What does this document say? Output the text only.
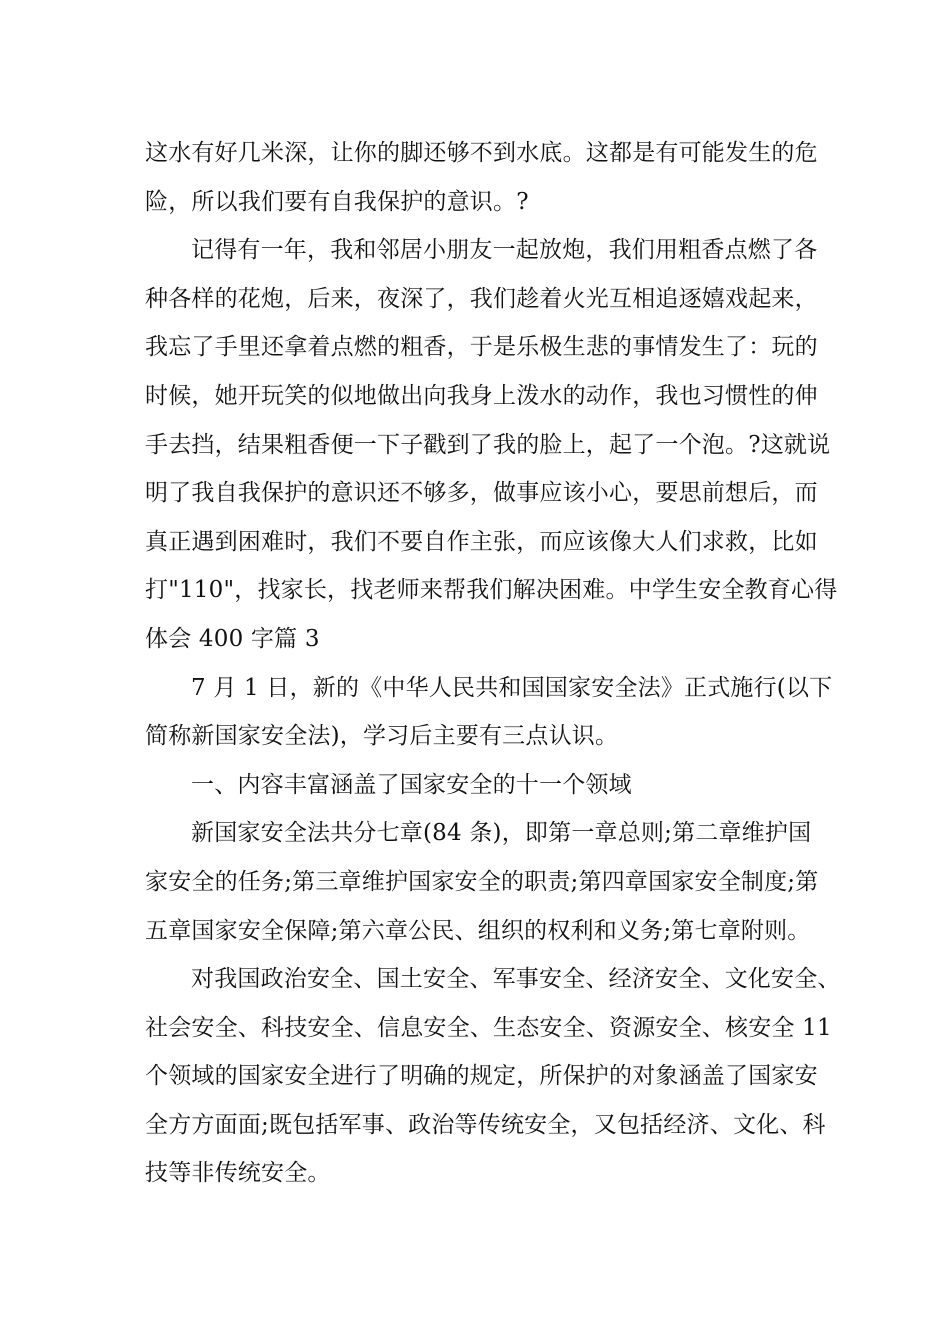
这水有好几米深，让你的脚还够不到水底。这都是有可能发生的危
险，所以我们要有自我保护的意识。?
记得有一年，我和邻居小朋友一起放炮，我们用粗香点燃了各
种各样的花炮，后来，夜深了，我们趁着火光互相追逐嬉戏起来，
我忘了手里还拿着点燃的粗香，于是乐极生悲的事情发生了：玩的
时候，她开玩笑的似地做出向我身上泼水的动作，我也习惯性的伸
手去挡，结果粗香便一下子戳到了我的脸上，起了一个泡。?这就说
明了我自我保护的意识还不够多，做事应该小心，要思前想后，而
真正遇到困难时，我们不要自作主张，而应该像大人们求救，比如
打"110"，找家长，找老师来帮我们解决困难。中学生安全教育心得
体会 400 字篇 3
7 月 1 日，新的《中华人民共和国国家安全法》正式施行(以下
简称新国家安全法)，学习后主要有三点认识。
一、内容丰富涵盖了国家安全的十一个领域
新国家安全法共分七章(84 条)，即第一章总则;第二章维护国
家安全的任务;第三章维护国家安全的职责;第四章国家安全制度;第
五章国家安全保障;第六章公民、组织的权利和义务;第七章附则。
对我国政治安全、国土安全、军事安全、经济安全、文化安全、
社会安全、科技安全、信息安全、生态安全、资源安全、核安全 11
个领域的国家安全进行了明确的规定，所保护的对象涵盖了国家安
全方方面面;既包括军事、政治等传统安全，又包括经济、文化、科
技等非传统安全。
